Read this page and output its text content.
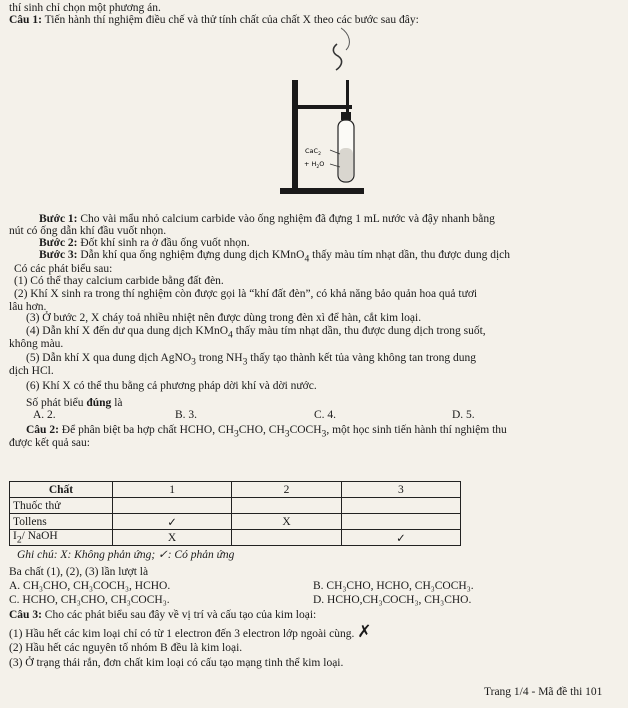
thí sinh chỉ chọn một phương án.
Câu 1: Tiến hành thí nghiệm điều chế và thử tính chất của chất X theo các bước sau đây:
CaC$_2$
+ $H_2O$
Bước 1: Cho vài mẩu nhỏ calcium carbide vào ống nghiệm đã đựng 1 mL nước và đậy nhanh bằng
nút có ống dẫn khí đầu vuốt nhọn.
Bước 2: Đốt khí sinh ra ở đầu ống vuốt nhọn.
Bước 3: Dẫn khí qua ống nghiệm đựng dung dịch KMnO$_4$ thấy màu tím nhạt dần, thu được dung dịch
Có các phát biểu sau:
(1) Có thể thay calcium carbide bằng đất đèn.
(2) Khí X sinh ra trong thí nghiệm còn được gọi là “khí đất đèn”, có khả năng bảo quản hoa quả tươi
lâu hơn.
(3) Ở bước 2, X cháy toả nhiều nhiệt nên được dùng trong đèn xì để hàn, cắt kim loại.
(4) Dẫn khí X đến dư qua dung dịch KMnO$_4$ thấy màu tím nhạt dần, thu được dung dịch trong suốt,
không màu.
(5) Dẫn khí X qua dung dịch AgNO$_3$ trong $NH_3$ thấy tạo thành kết tủa vàng không tan trong dung
dịch HCl.
(6) Khí X có thể thu bằng cả phương pháp dời khí và dời nước.
Số phát biểu đúng là
A. 2.	B. 3.	C. 4.	D. 5.
Câu 2: Để phân biệt ba hợp chất HCHO, $CH_3CHO$, $CH_3COCH_3$, một học sinh tiến hành thí nghiệm thu
được kết quả sau:
Chất	1	2	3
Thuốc thử			
Tollens	✓	X	
$I_2/$ NaOH	X		✓
Ghi chú: X: Không phản ứng; ✓: Có phản ứng
Ba chất (1), (2), (3) lần lượt là
A. CH₃CHO, CH₃COCH₃, HCHO.	B. CH₃CHO, HCHO, CH₃COCH₃.
C. HCHO, CH₃CHO, CH₃COCH₃.	D. HCHO,CH₃COCH₃, CH₃CHO.
Câu 3: Cho các phát biểu sau đây về vị trí và cấu tạo của kim loại:
(1) Hầu hết các kim loại chỉ có từ 1 electron đến 3 electron lớp ngoài cùng. ✗
(2) Hầu hết các nguyên tố nhóm B đều là kim loại.
(3) Ở trạng thái rắn, đơn chất kim loại có cấu tạo mạng tinh thể kim loại.
Trang 1/4 - Mã đề thi 101
